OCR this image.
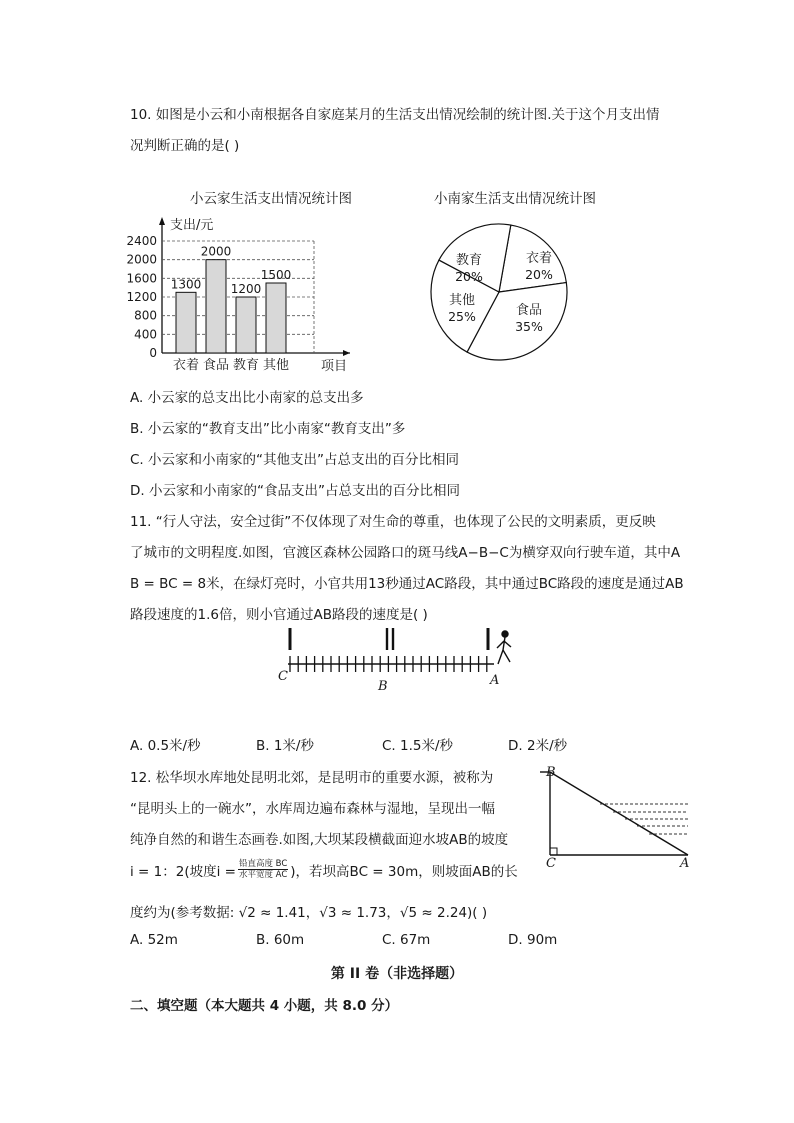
10. 如图是小云和小南根据各自家庭某月的生活支出情况绘制的统计图.关于这个月支出情
况判断正确的是( )
小云家生活支出情况统计图
0
400
800
1200
1600
2000
2400
1300
2000
1200
1500
衣着 食品 教育 其他
支出/元
项目
小南家生活支出情况统计图
衣着
20%
食品
35%
其他
25%
教育
20%
A. 小云家的总支出比小南家的总支出多
B. 小云家的“教育支出”比小南家“教育支出”多
C. 小云家和小南家的“其他支出”占总支出的百分比相同
D. 小云家和小南家的“食品支出”占总支出的百分比相同
11. “行人守法，安全过街”不仅体现了对生命的尊重，也体现了公民的文明素质，更反映
了城市的文明程度.如图，官渡区森林公园路口的斑马线A−B−C为横穿双向行驶车道，其中A
B = BC = 8米，在绿灯亮时，小官共用13秒通过AC路段，其中通过BC路段的速度是通过AB
路段速度的1.6倍，则小官通过AB路段的速度是( )
C
B	A
A. 0.5米/秒	B. 1米/秒	C. 1.5米/秒	D. 2米/秒
12. 松华坝水库地处昆明北郊，是昆明市的重要水源，被称为
“昆明头上的一碗水”，水库周边遍布森林与湿地，呈现出一幅
纯净自然的和谐生态画卷.如图,大坝某段横截面迎水坡AB的坡度
i = 1：2(坡度i = 铅直高度 BC
水平宽度 AC )，若坝高BC = 30m，则坡面AB的长
度约为(参考数据: √2 ≈ 1.41，√3 ≈ 1.73，√5 ≈ 2.24)( )
B
C	A
A. 52m	B. 60m	C. 67m	D. 90m
第 II 卷（非选择题）
二、填空题（本大题共 4 小题，共 8.0 分）
